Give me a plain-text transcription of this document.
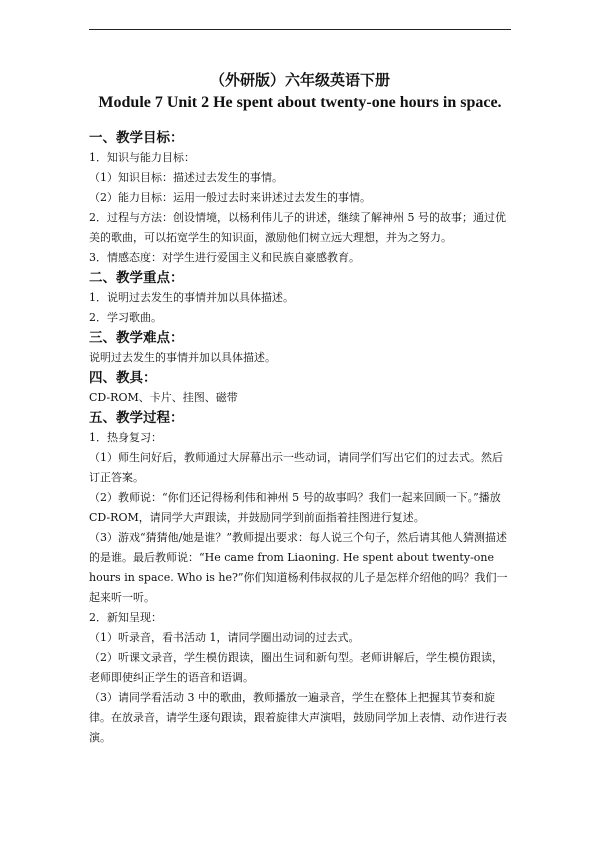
（外研版）六年级英语下册

Module 7 Unit 2 He spent about twenty-one hours in space.

一、教学目标：

1．知识与能力目标：

（1）知识目标：描述过去发生的事情。

（2）能力目标：运用一般过去时来讲述过去发生的事情。

2．过程与方法：创设情境，以杨利伟儿子的讲述，继续了解神州 5 号的故事；通过优美的歌曲，可以拓宽学生的知识面，激励他们树立远大理想，并为之努力。

3．情感态度：对学生进行爱国主义和民族自豪感教育。

二、教学重点：

1．说明过去发生的事情并加以具体描述。

2．学习歌曲。

三、教学难点：

说明过去发生的事情并加以具体描述。

四、教具：

CD-ROM、卡片、挂图、磁带

五、教学过程：

1．热身复习：

（1）师生问好后，教师通过大屏幕出示一些动词，请同学们写出它们的过去式。然后订正答案。

（2）教师说：“你们还记得杨利伟和神州 5 号的故事吗？我们一起来回顾一下。”播放 CD-ROM，请同学大声跟读，并鼓励同学到前面指着挂图进行复述。

（3）游戏“猜猜他/她是谁？”教师提出要求：每人说三个句子，然后请其他人猜测描述的是谁。最后教师说：“He came from Liaoning. He spent about twenty-one hours in space. Who is he?”你们知道杨利伟叔叔的儿子是怎样介绍他的吗？我们一起来听一听。

2．新知呈现：

（1）听录音，看书活动 1，请同学圈出动词的过去式。

（2）听课文录音，学生模仿跟读，圈出生词和新句型。老师讲解后，学生模仿跟读，老师即使纠正学生的语音和语调。

（3）请同学看活动 3 中的歌曲，教师播放一遍录音，学生在整体上把握其节奏和旋律。在放录音，请学生逐句跟读，跟着旋律大声演唱，鼓励同学加上表情、动作进行表演。
